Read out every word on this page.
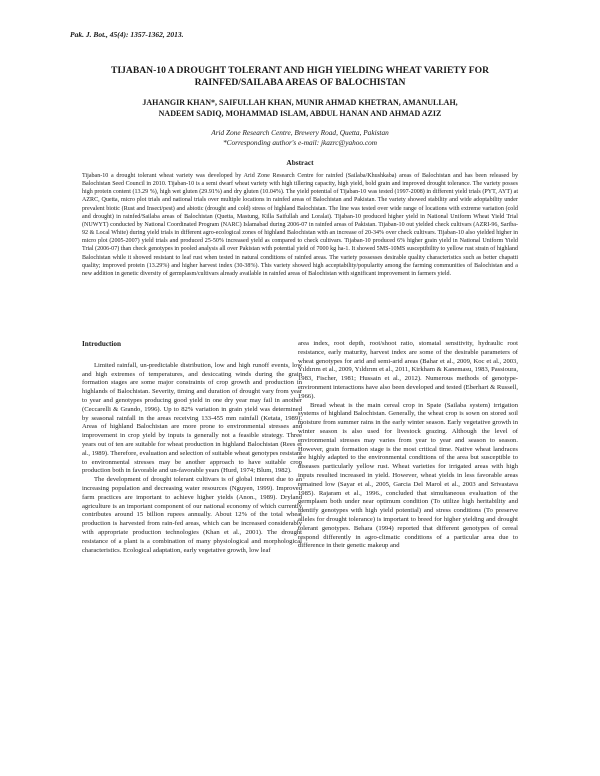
Pak. J. Bot., 45(4): 1357-1362, 2013.
TIJABAN-10 A DROUGHT TOLERANT AND HIGH YIELDING WHEAT VARIETY FOR RAINFED/SAILABA AREAS OF BALOCHISTAN
JAHANGIR KHAN*, SAIFULLAH KHAN, MUNIR AHMAD KHETRAN, AMANULLAH,
NADEEM SADIQ, MOHAMMAD ISLAM, ABDUL HANAN AND AHMAD AZIZ
Arid Zone Research Centre, Brewery Road, Quetta, Pakistan
*Corresponding author's e-mail: jkazrc@yahoo.com
Abstract
Tijaban-10 a drought tolerant wheat variety was developed by Arid Zone Research Centre for rainfed (Sailaba/Khushkaba) areas of Balochistan and has been released by Balochistan Seed Council in 2010. Tijaban-10 is a semi dwarf wheat variety with high tillering capacity, high yield, bold grain and improved drought tolerance. The variety posses high protein content (13.29 %), high wet gluten (29.91%) and dry gluten (10.04%). The yield potential of Tijaban-10 was tested (1997-2008) in different yield trials (PYT, AYT) at AZRC, Quetta, micro plot trials and national trials over multiple locations in rainfed areas of Balochistan and Pakistan. The variety showed stability and wide adoptability under prevalent biotic (Rust and Insect/pest) and abiotic (drought and cold) stress of highland Balochistan. The line was tested over wide range of locations with extreme variation (cold and drought) in rainfed/Sailaba areas of Balochistan (Quetta, Mastung, Killa Saifullah and Loralai). Tijaban-10 produced higher yield in National Uniform Wheat Yield Trial (NUWYT) conducted by National Coordinated Program (NARC) Islamabad during 2006-07 in rainfed areas of Pakistan. Tijaban-10 out yielded check cultivars (AZRI-96, Sariba-92 & Local White) during yield trials in different agro-ecological zones of highland Balochistan with an increase of 20-34% over check cultivars. Tijaban-10 also yielded higher in micro plot (2005-2007) yield trials and produced 25-50% increased yield as compared to check cultivars. Tijaban-10 produced 6% higher grain yield in National Uniform Yield Trial (2006-07) than check genotypes in pooled analysis all over Pakistan with potential yield of 7000 kg ha-1. It showed 5MS-10MS susceptibility to yellow rust strain of highland Balochistan while it showed resistant to leaf rust when tested in natural conditions of rainfed areas. The variety possesses desirable quality characteristics such as better chapatti quality; improved protein (13.29%) and higher harvest index (30-38%). This variety showed high acceptability/popularity among the farming communities of Balochistan and a new addition in genetic diversity of germplasm/cultivars already available in rainfed areas of Balochistan with significant improvement in farmers yield.
Introduction

Limited rainfall, un-predictable distribution, low and high runoff events, low and high extremes of temperatures, and desiccating winds during the grain formation stages are some major constraints of crop growth and production in highlands of Balochistan. Severity, timing and duration of drought vary from year to year and genotypes producing good yield in one dry year may fail in another (Ceccarelli & Grando, 1996). Up to 82% variation in grain yield was determined by seasonal rainfall in the areas receiving 133-455 mm rainfall (Ketata, 1989). Areas of highland Balochistan are more prone to environmental stresses and improvement in crop yield by inputs is generally not a feasible strategy. Three years out of ten are suitable for wheat production in highland Balochistan (Rees et al., 1989). Therefore, evaluation and selection of suitable wheat genotypes resistant to environmental stresses may be another approach to have suitable crop production both in favorable and un-favorable years (Hurd, 1974; Blum, 1982).

The development of drought tolerant cultivars is of global interest due to an increasing population and decreasing water resources (Nguyen, 1999). Improved farm practices are important to achieve higher yields (Anon., 1989). Dryland agriculture is an important component of our national economy of which currently contributes around 15 billion rupees annually. About 12% of the total wheat production is harvested from rain-fed areas, which can be increased considerably with appropriate production technologies (Khan et al., 2001). The drought resistance of a plant is a combination of many physiological and morphological characteristics. Ecological adaptation, early vegetative growth, low leaf

area index, root depth, root/shoot ratio, stomatal sensitivity, hydraulic root resistance, early maturity, harvest index are some of the desirable parameters of wheat genotypes for arid and semi-arid areas (Bahar et al., 2009, Koc et al., 2003, Yıldırım et al., 2009, Yıldırım et al., 2011, Kirkham & Kanemasu, 1983, Passioura, 1983, Fischer, 1981; Hussain et al., 2012). Numerous methods of genotype-environment interactions have also been developed and tested (Eberhart & Russell, 1966).

Bread wheat is the main cereal crop in Spate (Sailaba system) irrigation systems of highland Balochistan. Generally, the wheat crop is sown on stored soil moisture from summer rains in the early winter season. Early vegetative growth in winter season is also used for livestock grazing. Although the level of environmental stresses may varies from year to year and season to season. However, grain formation stage is the most critical time. Native wheat landraces are highly adapted to the environmental conditions of the area but susceptible to diseases particularly yellow rust. Wheat varieties for irrigated areas with high inputs resulted increased in yield. However, wheat yields in less favorable areas remained low (Sayar et al., 2005, Garcia Del Marol et al., 2003 and Srivastava 1985). Rajaram et al., 1996., concluded that simultaneous evaluation of the germplasm both under near optimum condition (To utilize high heritability and identify genotypes with high yield potential) and stress conditions (To preserve alleles for drought tolerance) is important to breed for higher yielding and drought tolerant genotypes. Behara (1994) reported that different genotypes of cereal respond differently in agro-climatic conditions of a particular area due to difference in their genetic makeup and
